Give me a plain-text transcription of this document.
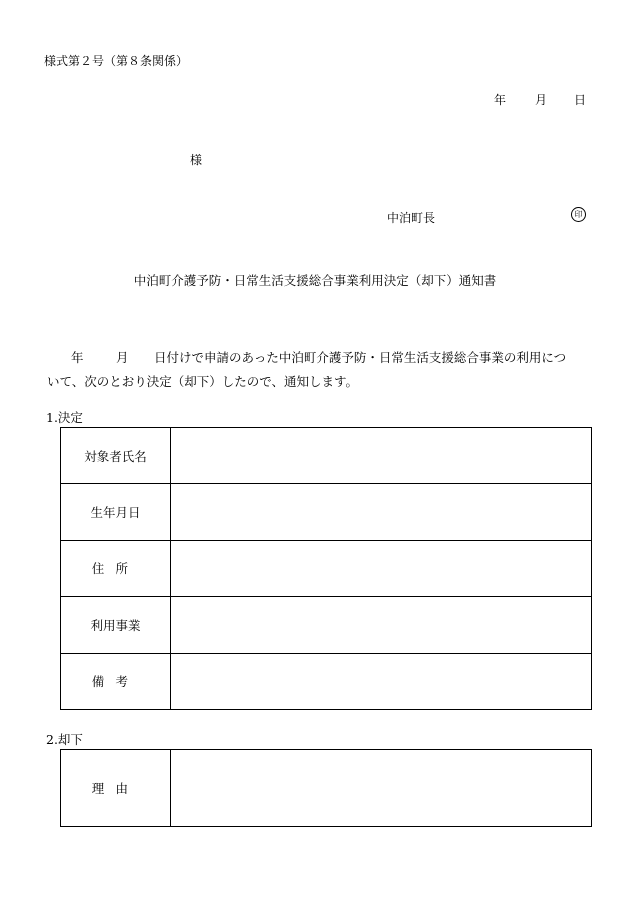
様式第２号（第８条関係）
年 月 日
様
中泊町長	印
中泊町介護予防・日常生活支援総合事業利用決定（却下）通知書
年	月 日付けで申請のあった中泊町介護予防・日常生活支援総合事業の利用につ
いて、次のとおり決定（却下）したので、通知します。
1.決定
対象者氏名	
生年月日	
住所	
利用事業	
備考	
2.却下
理由	
